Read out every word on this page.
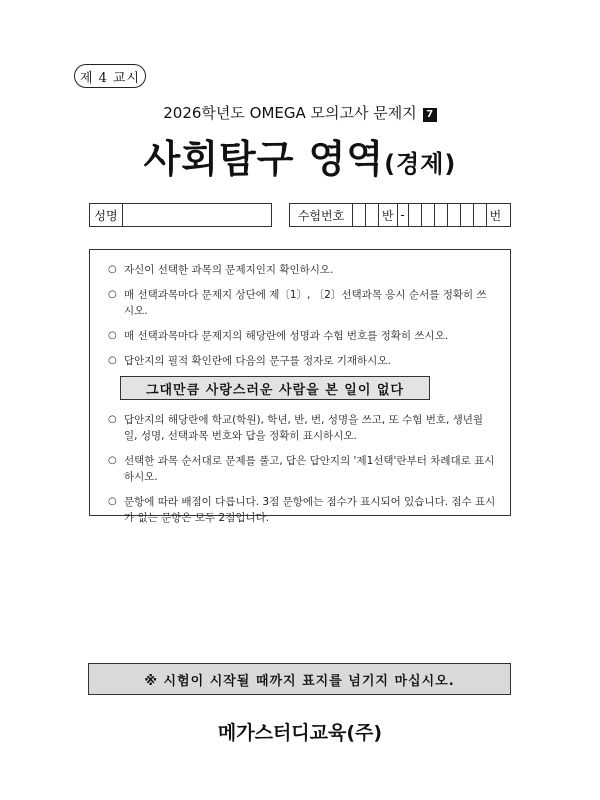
제 4 교시
2026학년도 OMEGA 모의고사 문제지 7
사회탐구 영역(경제)
성명	수험번호	반 -	번
○ 자신이 선택한 과목의 문제지인지 확인하시오.
○ 매 선택과목마다 문제지 상단에 제〔1〕, 〔2〕선택과목 응시 순서를 정확히 쓰시오.
○ 매 선택과목마다 문제지의 해당란에 성명과 수험 번호를 정확히 쓰시오.
○ 답안지의 필적 확인란에 다음의 문구를 정자로 기재하시오.
그대만큼 사랑스러운 사람을 본 일이 없다
○ 답안지의 해당란에 학교(학원), 학년, 반, 번, 성명을 쓰고, 또 수험 번호, 생년월일, 성명, 선택과목 번호와 답을 정확히 표시하시오.
○ 선택한 과목 순서대로 문제를 풀고, 답은 답안지의 '제1선택'란부터 차례대로 표시하시오.
○ 문항에 따라 배점이 다릅니다. 3점 문항에는 점수가 표시되어 있습니다. 점수 표시가 없는 문항은 모두 2점입니다.
※ 시험이 시작될 때까지 표지를 넘기지 마십시오.
메가스터디교육(주)
